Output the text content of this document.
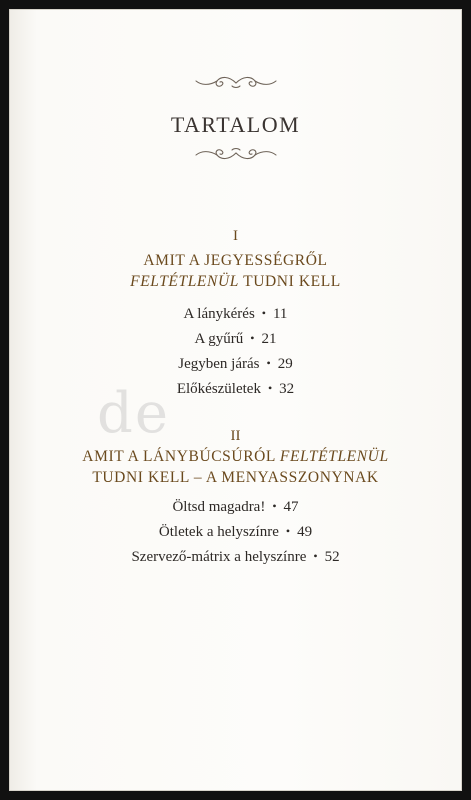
TARTALOM
I
AMIT A JEGYESSÉGRŐL
FELTÉTLENÜL TUDNI KELL
A lánykérés • 11
A gyűrű • 21
Jegyben járás • 29
Előkészületek • 32
II
AMIT A LÁNYBÚCSÚRÓL FELTÉTLENÜL
TUDNI KELL – A MENYASSZONYNAK
Öltsd magadra! • 47
Ötletek a helyszínre • 49
Szervező-mátrix a helyszínre • 52
de
